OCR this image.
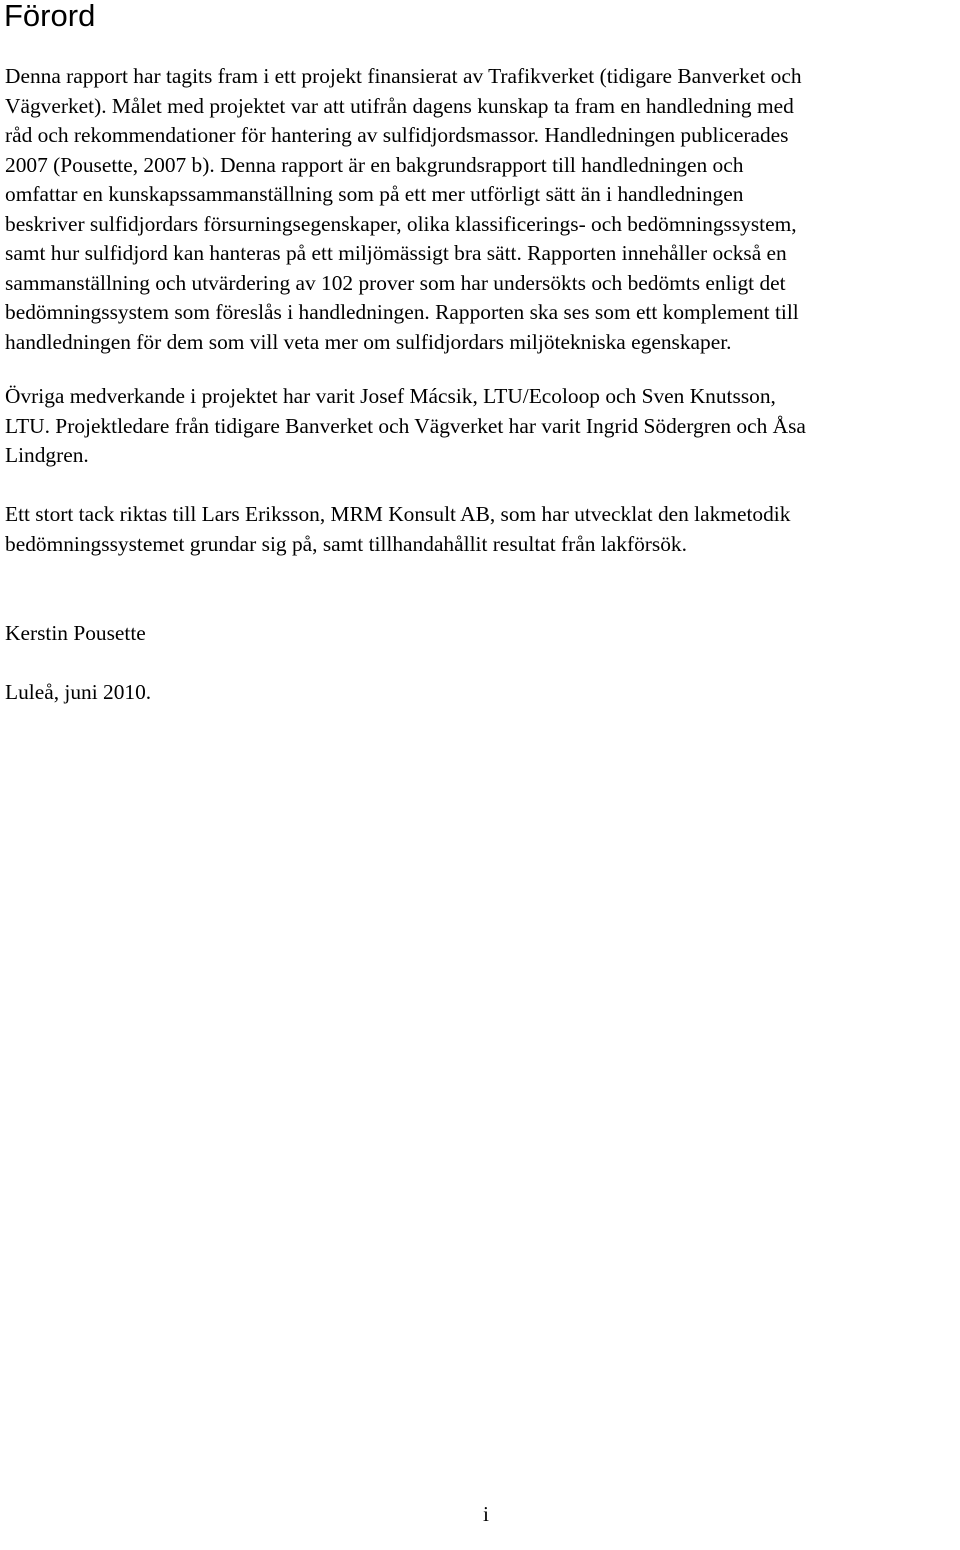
Förord

Denna rapport har tagits fram i ett projekt finansierat av Trafikverket (tidigare Banverket och
Vägverket). Målet med projektet var att utifrån dagens kunskap ta fram en handledning med
råd och rekommendationer för hantering av sulfidjordsmassor. Handledningen publicerades
2007 (Pousette, 2007 b). Denna rapport är en bakgrundsrapport till handledningen och
omfattar en kunskapssammanställning som på ett mer utförligt sätt än i handledningen
beskriver sulfidjordars försurningsegenskaper, olika klassificerings- och bedömningssystem,
samt hur sulfidjord kan hanteras på ett miljömässigt bra sätt. Rapporten innehåller också en
sammanställning och utvärdering av 102 prover som har undersökts och bedömts enligt det
bedömningssystem som föreslås i handledningen. Rapporten ska ses som ett komplement till
handledningen för dem som vill veta mer om sulfidjordars miljötekniska egenskaper.

Övriga medverkande i projektet har varit Josef Mácsik, LTU/Ecoloop och Sven Knutsson,
LTU. Projektledare från tidigare Banverket och Vägverket har varit Ingrid Södergren och Åsa
Lindgren.

Ett stort tack riktas till Lars Eriksson, MRM Konsult AB, som har utvecklat den lakmetodik
bedömningssystemet grundar sig på, samt tillhandahållit resultat från lakförsök.

Kerstin Pousette

Luleå, juni 2010.

i
